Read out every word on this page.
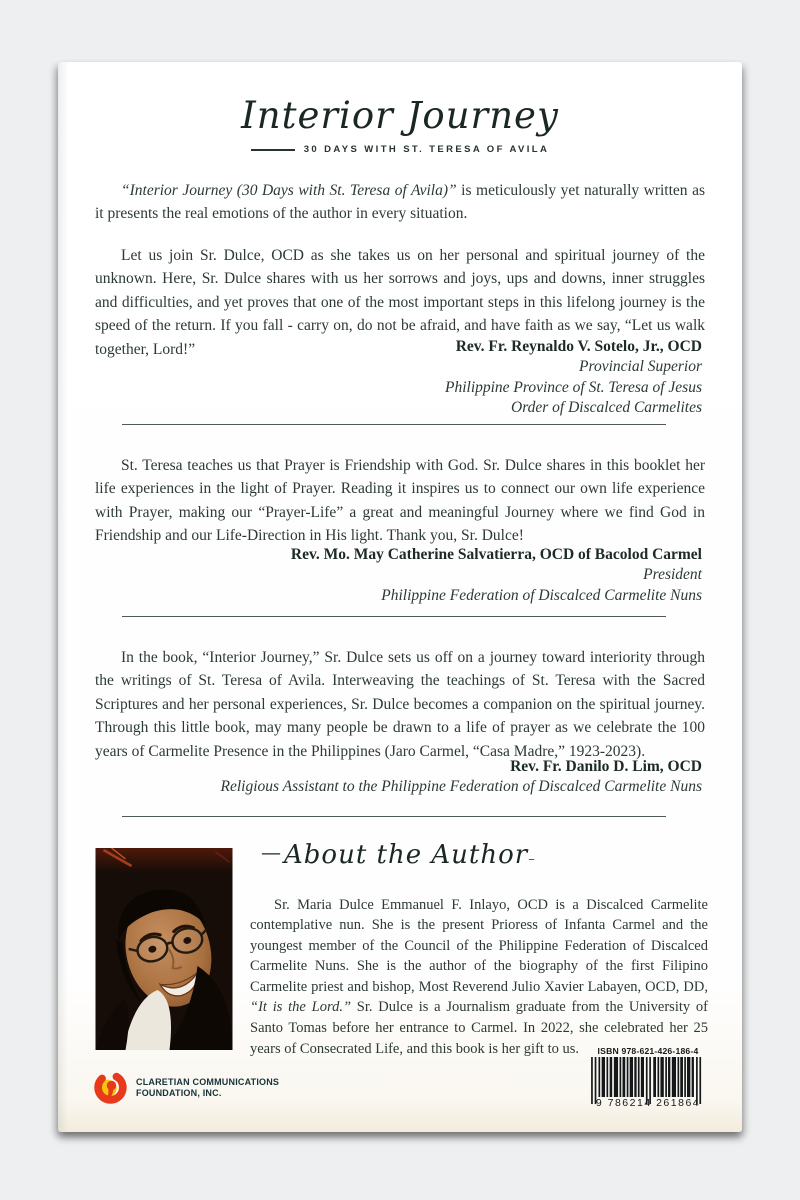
Interior Journey
30 DAYS WITH ST. TERESA OF AVILA

“Interior Journey (30 Days with St. Teresa of Avila)” is meticulously yet naturally written as it presents the real emotions of the author in every situation.

Let us join Sr. Dulce, OCD as she takes us on her personal and spiritual journey of the unknown. Here, Sr. Dulce shares with us her sorrows and joys, ups and downs, inner struggles and difficulties, and yet proves that one of the most important steps in this lifelong journey is the speed of the return. If you fall - carry on, do not be afraid, and have faith as we say, “Let us walk together, Lord!”	Rev. Fr. Reynaldo V. Sotelo, Jr., OCD
Provincial Superior
Philippine Province of St. Teresa of Jesus
Order of Discalced Carmelites

St. Teresa teaches us that Prayer is Friendship with God. Sr. Dulce shares in this booklet her life experiences in the light of Prayer. Reading it inspires us to connect our own life experience with Prayer, making our “Prayer-Life” a great and meaningful Journey where we find God in Friendship and our Life-Direction in His light. Thank you, Sr. Dulce!

Rev. Mo. May Catherine Salvatierra, OCD of Bacolod Carmel
President
Philippine Federation of Discalced Carmelite Nuns

In the book, “Interior Journey,” Sr. Dulce sets us off on a journey toward interiority through the writings of St. Teresa of Avila. Interweaving the teachings of St. Teresa with the Sacred Scriptures and her personal experiences, Sr. Dulce becomes a companion on the spiritual journey. Through this little book, may many people be drawn to a life of prayer as we celebrate the 100 years of Carmelite Presence in the Philippines (Jaro Carmel, “Casa Madre,” 1923-2023).

Rev. Fr. Danilo D. Lim, OCD
Religious Assistant to the Philippine Federation of Discalced Carmelite Nuns
— About the Author –

Sr. Maria Dulce Emmanuel F. Inlayo, OCD is a Discalced Carmelite contemplative nun. She is the present Prioress of Infanta Carmel and the youngest member of the Council of the Philippine Federation of Discalced Carmelite Nuns. She is the author of the biography of the first Filipino Carmelite priest and bishop, Most Reverend Julio Xavier Labayen, OCD, DD, “It is the Lord.” Sr. Dulce is a Journalism graduate from the University of Santo Tomas before her entrance to Carmel. In 2022, she celebrated her 25 years of Consecrated Life, and this book is her gift to us.

CLARETIAN COMMUNICATIONS
FOUNDATION, INC.
ISBN 978-621-426-186-4
9 786214 261864
